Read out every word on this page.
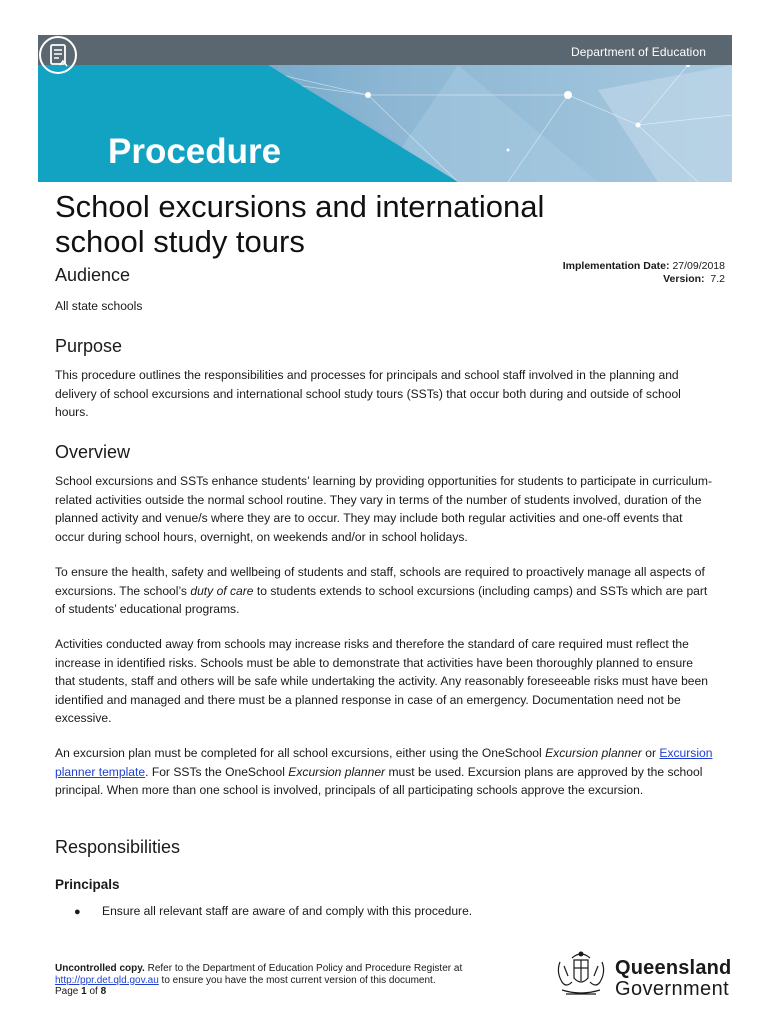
Department of Education
Procedure
School excursions and international school study tours
Implementation Date: 27/09/2018
Version: 7.2
Audience

All state schools

Purpose

This procedure outlines the responsibilities and processes for principals and school staff involved in the planning and delivery of school excursions and international school study tours (SSTs) that occur both during and outside of school hours.

Overview

School excursions and SSTs enhance students’ learning by providing opportunities for students to participate in curriculum-related activities outside the normal school routine. They vary in terms of the number of students involved, duration of the planned activity and venue/s where they are to occur. They may include both regular activities and one-off events that occur during school hours, overnight, on weekends and/or in school holidays.

To ensure the health, safety and wellbeing of students and staff, schools are required to proactively manage all aspects of excursions. The school’s duty of care to students extends to school excursions (including camps) and SSTs which are part of students’ educational programs.

Activities conducted away from schools may increase risks and therefore the standard of care required must reflect the increase in identified risks. Schools must be able to demonstrate that activities have been thoroughly planned to ensure that students, staff and others will be safe while undertaking the activity. Any reasonably foreseeable risks must have been identified and managed and there must be a planned response in case of an emergency. Documentation need not be excessive.

An excursion plan must be completed for all school excursions, either using the OneSchool Excursion planner or Excursion planner template. For SSTs the OneSchool Excursion planner must be used. Excursion plans are approved by the school principal. When more than one school is involved, principals of all participating schools approve the excursion.

Responsibilities
Principals
● Ensure all relevant staff are aware of and comply with this procedure.
Uncontrolled copy. Refer to the Department of Education Policy and Procedure Register at
http://ppr.det.qld.gov.au to ensure you have the most current version of this document.
Page 1 of 8
Queensland
Government
